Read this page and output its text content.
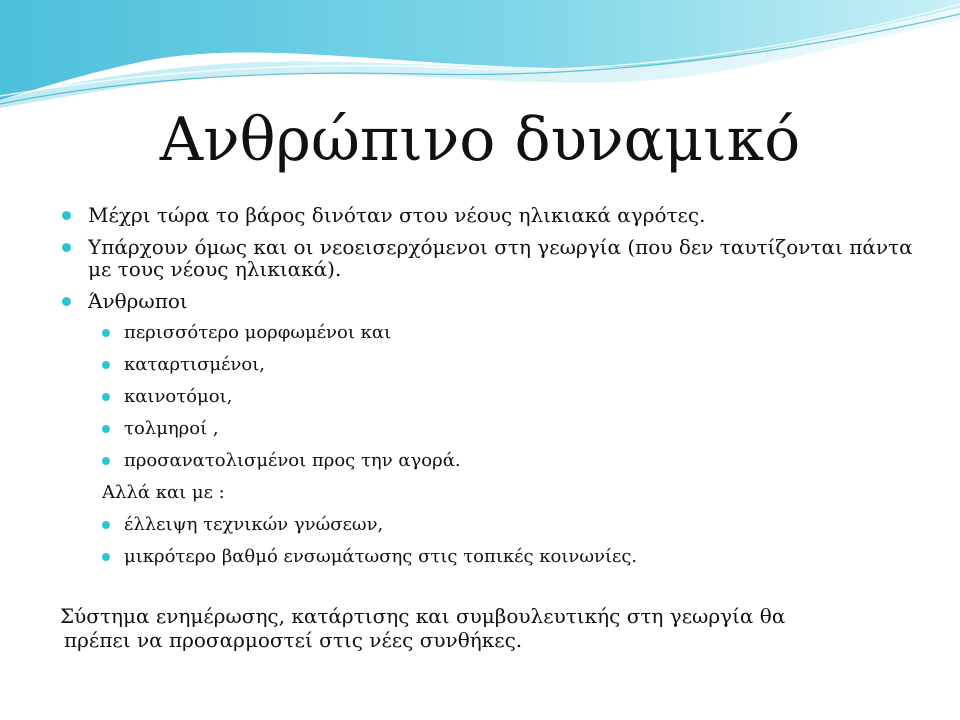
Ανθρώπινο δυναμικό
Μέχρι τώρα το βάρος δινόταν στου νέους ηλικιακά αγρότες.
Υπάρχουν όμως και οι νεοεισερχόμενοι στη γεωργία (που δεν ταυτίζονται πάντα με τους νέους ηλικιακά).
Άνθρωποι
περισσότερο μορφωμένοι και
καταρτισμένοι,
καινοτόμοι,
τολμηροί ,
προσανατολισμένοι προς την αγορά.
Αλλά και με :
έλλειψη τεχνικών γνώσεων,
μικρότερο βαθμό ενσωμάτωσης στις τοπικές κοινωνίες.
Σύστημα ενημέρωσης, κατάρτισης και συμβουλευτικής στη γεωργία θα
πρέπει να προσαρμοστεί στις νέες συνθήκες.
